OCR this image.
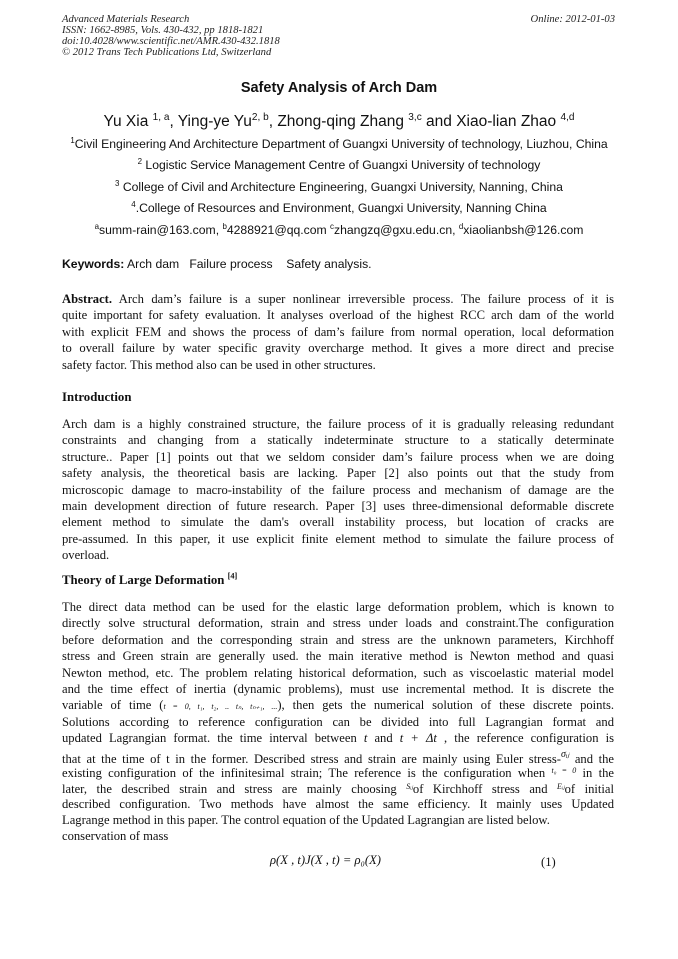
Advanced Materials Research
ISSN: 1662-8985, Vols. 430-432, pp 1818-1821
doi:10.4028/www.scientific.net/AMR.430-432.1818
© 2012 Trans Tech Publications Ltd, Switzerland
Online: 2012-01-03
Safety Analysis of Arch Dam
Yu Xia $^{1, a}$, Ying-ye Yu$^{2, b}$, Zhong-qing Zhang $^{3,c}$ and Xiao-lian Zhao $^{4,d}$
$^1$Civil Engineering And Architecture Department of Guangxi University of technology, Liuzhou, China
$^2$ Logistic Service Management Centre of Guangxi University of technology
$^3$ College of Civil and Architecture Engineering, Guangxi University, Nanning, China
$^4$.College of Resources and Environment, Guangxi University, Nanning China
$^a$summ-rain@163.com, $^b$4288921@qq.com $^c$zhangzq@gxu.edu.cn, $^d$xiaolianbsh@126.com
Keywords: Arch dam   Failure process    Safety analysis.
Abstract. Arch dam’s failure is a super nonlinear irreversible process. The failure process of it is
quite important for safety evaluation. It analyses overload of the highest RCC arch dam of the world
with explicit FEM and shows the process of dam’s failure from normal operation, local deformation
to overall failure by water specific gravity overcharge method. It gives a more direct and precise
safety factor. This method also can be used in other structures.
Introduction
Arch dam is a highly constrained structure, the failure process of it is gradually releasing redundant
constraints and changing from a statically indeterminate structure to a statically determinate
structure.. Paper [1] points out that we seldom consider dam’s failure process when we are doing
safety analysis, the theoretical basis are lacking. Paper [2] also points out that the study from
microscopic damage to macro-instability of the failure process and mechanism of damage are the
main development direction of future research. Paper [3] uses three-dimensional deformable discrete
element method to simulate the dam's overall instability process, but location of cracks are
pre-assumed. In this paper, it use explicit finite element method to simulate the failure process of
overload.
Theory of Large Deformation [4]
The direct data method can be used for the elastic large deformation problem, which is known to
directly solve structural deformation, strain and stress under loads and constraint.The configuration
before deformation and the corresponding strain and stress are the unknown parameters, Kirchhoff
stress and Green strain are generally used. the main iterative method is Newton method and quasi
Newton method, etc. The problem relating historical deformation, such as viscoelastic material model
and the time effect of inertia (dynamic problems), must use incremental method. It is discrete the
variable of time (t = 0, t₁, t₂, .. tₙ, tₙ₊₁, ...), then gets the numerical solution of these discrete points.
Solutions according to reference configuration can be divided into full Lagrangian format and
updated Lagrangian format. the time interval between t and t + Δt , the reference configuration is
that at the time of t in the former. Described stress and strain are mainly using Euler stress-$^{\sigma ᵢⱼ}$ and the
existing configuration of the infinitesimal strain; The reference is the configuration when $^{t_0 = 0}$ in the
later, the described strain and stress are mainly choosing $^{Sᵢⱼ}$of Kirchhoff stress and $^{Eᵢⱼ}$of initial
described configuration. Two methods have almost the same efficiency. It mainly uses Updated
Lagrange method in this paper. The control equation of the Updated Lagrangian are listed below.
conservation of mass
ρ(X , t)J(X , t) = ρ₀(X)	(1)
